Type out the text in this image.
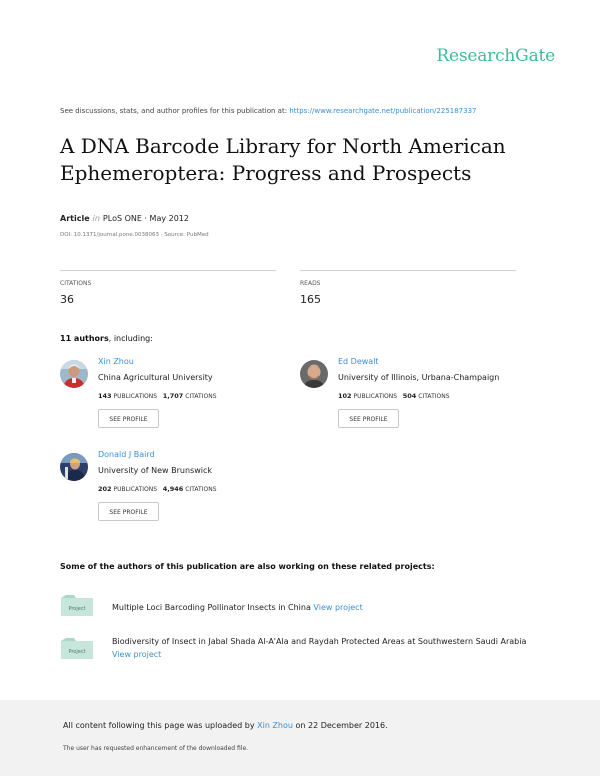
ResearchGate
See discussions, stats, and author profiles for this publication at: https://www.researchgate.net/publication/225187337
A DNA Barcode Library for North American Ephemeroptera: Progress and Prospects
Article in PLoS ONE · May 2012
DOI: 10.1371/journal.pone.0038063 · Source: PubMed
CITATIONS
36
READS
165
11 authors, including:
Xin Zhou
China Agricultural University
143 PUBLICATIONS 1,707 CITATIONS
SEE PROFILE
Ed Dewalt
University of Illinois, Urbana-Champaign
102 PUBLICATIONS 504 CITATIONS
SEE PROFILE
Donald J Baird
University of New Brunswick
202 PUBLICATIONS 4,946 CITATIONS
SEE PROFILE
Some of the authors of this publication are also working on these related projects:
Project	Multiple Loci Barcoding Pollinator Insects in China View project
Project
Biodiversity of Insect in Jabal Shada Al-A'Ala and Raydah Protected Areas at Southwestern Saudi Arabia
View project
All content following this page was uploaded by Xin Zhou on 22 December 2016.
The user has requested enhancement of the downloaded file.
